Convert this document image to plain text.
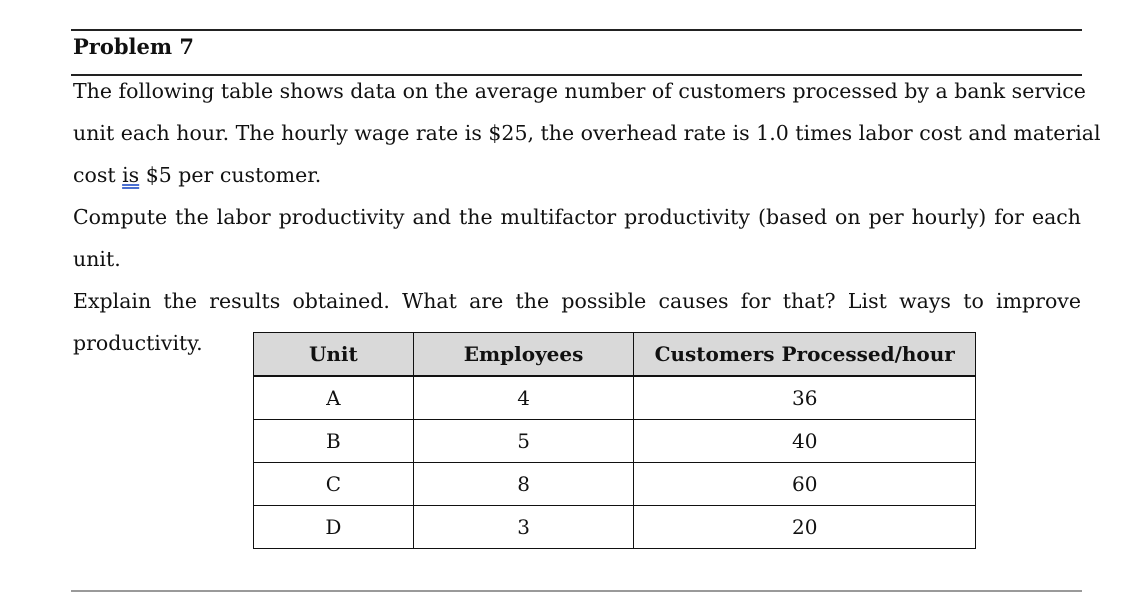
Problem 7
The following table shows data on the average number of customers processed by a bank service
unit each hour. The hourly wage rate is $25, the overhead rate is 1.0 times labor cost and material
cost is $5 per customer.
Compute the labor productivity and the multifactor productivity (based on per hourly) for each unit.
Explain the results obtained. What are the possible causes for that? List ways to improve
productivity.	Unit	Employees	Customers Processed/hour
A	4	36
B	5	40
C	8	60
D	3	20
